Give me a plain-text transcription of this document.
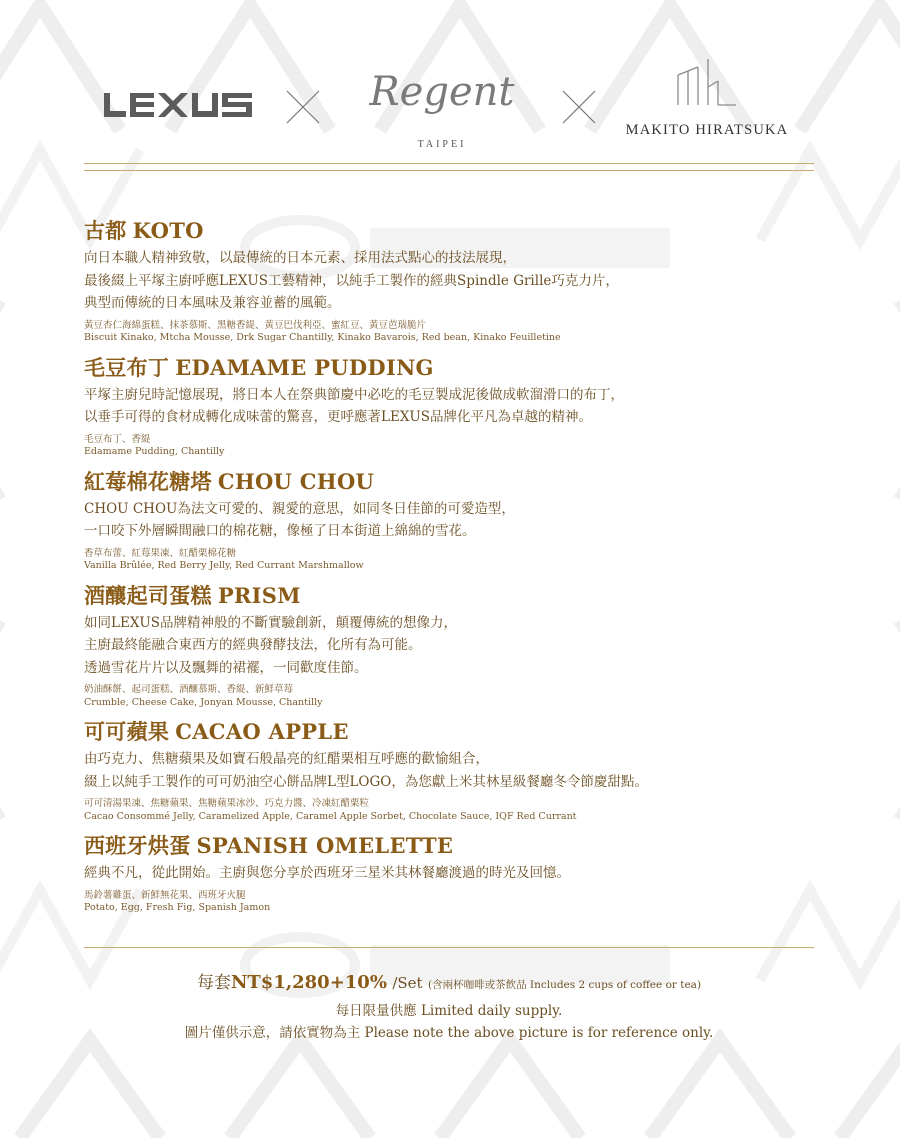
Regent
TAIPEI
MAKITO HIRATSUKA
古都 KOTO
向日本職人精神致敬，以最傳統的日本元素、採用法式點心的技法展現，
最後綴上平塚主廚呼應LEXUS工藝精神，以純手工製作的經典Spindle Grille巧克力片，
典型而傳統的日本風味及兼容並蓄的風範。
黃豆杏仁海綿蛋糕、抹茶慕斯、黑糖香緹、黃豆巴伐利亞、蜜紅豆、黃豆芭瑞脆片
Biscuit Kinako, Mtcha Mousse, Drk Sugar Chantilly, Kinako Bavarois, Red bean, Kinako Feuilletine
毛豆布丁 EDAMAME PUDDING
平塚主廚兒時記憶展現，將日本人在祭典節慶中必吃的毛豆製成泥後做成軟溜滑口的布丁，
以垂手可得的食材成轉化成味蕾的驚喜，更呼應著LEXUS品牌化平凡為卓越的精神。
毛豆布丁、香緹
Edamame Pudding, Chantilly
紅莓棉花糖塔 CHOU CHOU
CHOU CHOU為法文可愛的、親愛的意思，如同冬日佳節的可愛造型，
一口咬下外層瞬間融口的棉花糖，像極了日本街道上綿綿的雪花。
香草布蕾、紅莓果凍、紅醋栗棉花糖
Vanilla Brûlée, Red Berry Jelly, Red Currant Marshmallow
酒釀起司蛋糕 PRISM
如同LEXUS品牌精神般的不斷實驗創新，顛覆傳統的想像力，
主廚最終能融合東西方的經典發酵技法，化所有為可能。
透過雪花片片以及飄舞的裙襬，一同歡度佳節。
奶油酥餅、起司蛋糕、酒釀慕斯、香緹、新鮮草莓
Crumble, Cheese Cake, Jonyan Mousse, Chantilly
可可蘋果 CACAO APPLE
由巧克力、焦糖蘋果及如寶石般晶亮的紅醋栗相互呼應的歡愉組合，
綴上以純手工製作的可可奶油空心餅品牌L型LOGO，為您獻上米其林星級餐廳冬令節慶甜點。
可可清湯果凍、焦糖蘋果、焦糖蘋果冰沙、巧克力醬、冷凍紅醋栗粒
Cacao Consommé Jelly, Caramelized Apple, Caramel Apple Sorbet, Chocolate Sauce, IQF Red Currant
西班牙烘蛋 SPANISH OMELETTE
經典不凡，從此開始。主廚與您分享於西班牙三星米其林餐廳渡過的時光及回憶。
馬鈴薯雞蛋、新鮮無花果、西班牙火腿
Potato, Egg, Fresh Fig, Spanish Jamon
每套NT$1,280+10% /Set (含兩杯咖啡或茶飲品 Includes 2 cups of coffee or tea)
每日限量供應 Limited daily supply.
圖片僅供示意，請依實物為主 Please note the above picture is for reference only.
